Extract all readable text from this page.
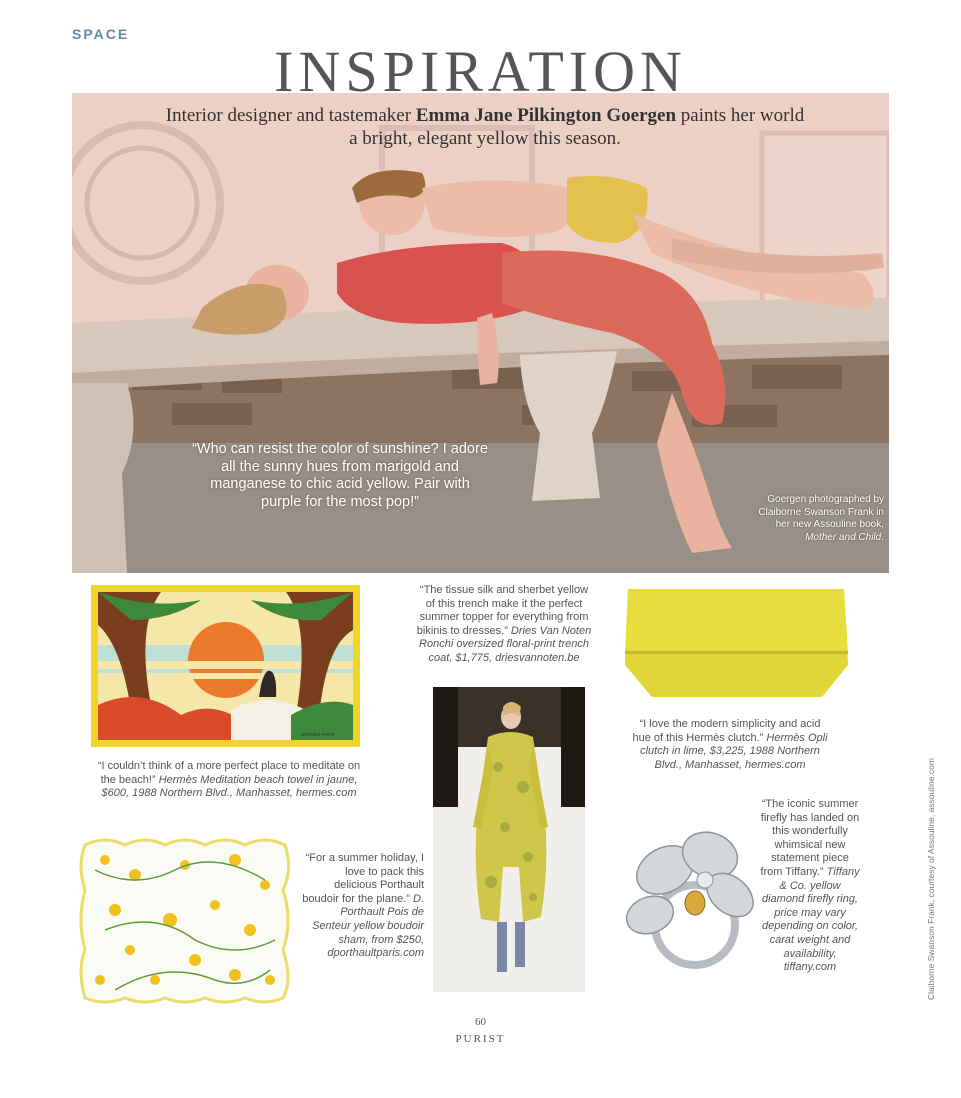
SPACE
INSPIRATION
Interior designer and tastemaker Emma Jane Pilkington Goergen paints her world a bright, elegant yellow this season.
“Who can resist the color of sunshine? I adore all the sunny hues from marigold and manganese to chic acid yellow. Pair with purple for the most pop!”	Goergen photographed by Claiborne Swanson Frank in her new Assouline book, Mother and Child.
HERMÈS-PARIS
“I couldn’t think of a more perfect place to meditate on the beach!” Hermès Meditation beach towel in jaune, $600, 1988 Northern Blvd., Manhasset, hermes.com
“The tissue silk and sherbet yellow of this trench make it the perfect summer topper for everything from bikinis to dresses.” Dries Van Noten Ronchi oversized floral-print trench coat, $1,775, driesvannoten.be
“I love the modern simplicity and acid hue of this Hermès clutch.” Hermès Opli clutch in lime, $3,225, 1988 Northern Blvd., Manhasset, hermes.com
“For a summer holiday, I love to pack this delicious Porthault boudoir for the plane.” D. Porthault Pois de Senteur yellow boudoir sham, from $250, dporthaultparis.com
“The iconic summer firefly has landed on this wonderfully whimsical new statement piece from Tiffany.” Tiffany & Co. yellow diamond firefly ring, price may vary depending on color, carat weight and availability, tiffany.com	Claiborne Swanson Frank, courtesy of Assouline, assouline.com
60
PURIST
